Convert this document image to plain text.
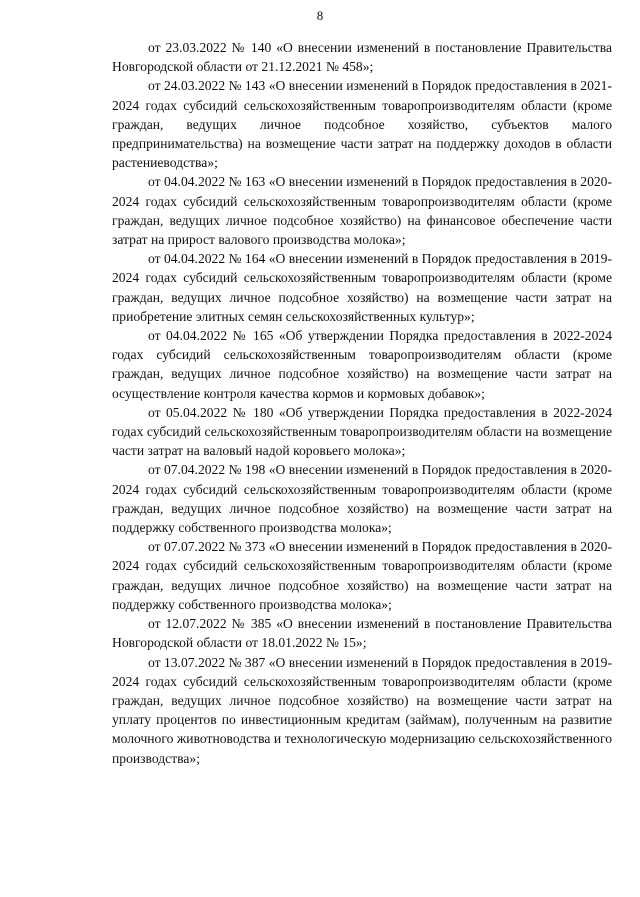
8

от 23.03.2022 № 140 «О внесении изменений в постановление Правительства Новгородской области от 21.12.2021 № 458»;

от 24.03.2022 № 143 «О внесении изменений в Порядок предоставления в 2021-2024 годах субсидий сельскохозяйственным товаропроизводителям области (кроме граждан, ведущих личное подсобное хозяйство, субъектов малого предпринимательства) на возмещение части затрат на поддержку доходов в области растениеводства»;

от 04.04.2022 № 163 «О внесении изменений в Порядок предоставления в 2020-2024 годах субсидий сельскохозяйственным товаропроизводителям области (кроме граждан, ведущих личное подсобное хозяйство) на финансовое обеспечение части затрат на прирост валового производства молока»;

от 04.04.2022 № 164 «О внесении изменений в Порядок предоставления в 2019-2024 годах субсидий сельскохозяйственным товаропроизводителям области (кроме граждан, ведущих личное подсобное хозяйство) на возмещение части затрат на приобретение элитных семян сельскохозяйственных культур»;

от 04.04.2022 № 165 «Об утверждении Порядка предоставления в 2022-2024 годах субсидий сельскохозяйственным товаропроизводителям области (кроме граждан, ведущих личное подсобное хозяйство) на возмещение части затрат на осуществление контроля качества кормов и кормовых добавок»;

от 05.04.2022 № 180 «Об утверждении Порядка предоставления в 2022-2024 годах субсидий сельскохозяйственным товаропроизводителям области на возмещение части затрат на валовый надой коровьего молока»;

от 07.04.2022 № 198 «О внесении изменений в Порядок предоставления в 2020-2024 годах субсидий сельскохозяйственным товаропроизводителям области (кроме граждан, ведущих личное подсобное хозяйство) на возмещение части затрат на поддержку собственного производства молока»;

от 07.07.2022 № 373 «О внесении изменений в Порядок предоставления в 2020-2024 годах субсидий сельскохозяйственным товаропроизводителям области (кроме граждан, ведущих личное подсобное хозяйство) на возмещение части затрат на поддержку собственного производства молока»;

от 12.07.2022 № 385 «О внесении изменений в постановление Правительства Новгородской области от 18.01.2022 № 15»;

от 13.07.2022 № 387 «О внесении изменений в Порядок предоставления в 2019-2024 годах субсидий сельскохозяйственным товаропроизводителям области (кроме граждан, ведущих личное подсобное хозяйство) на возмещение части затрат на уплату процентов по инвестиционным кредитам (займам), полученным на развитие молочного животноводства и технологическую модернизацию сельскохозяйственного производства»;
